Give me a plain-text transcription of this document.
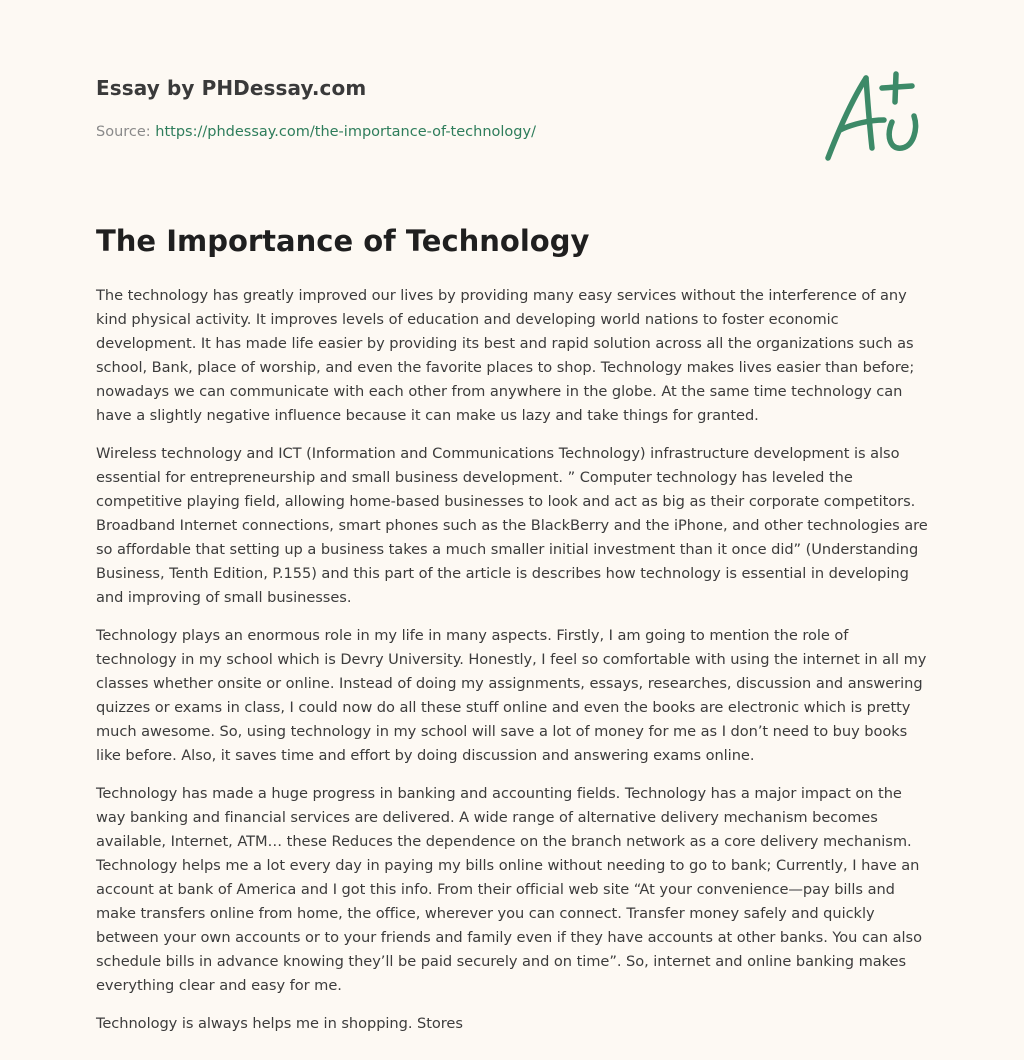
Essay by PHDessay.com
Source: https://phdessay.com/the-importance-of-technology/
The Importance of Technology

The technology has greatly improved our lives by providing many easy services without the interference of any kind physical activity. It improves levels of education and developing world nations to foster economic development. It has made life easier by providing its best and rapid solution across all the organizations such as school, Bank, place of worship, and even the favorite places to shop. Technology makes lives easier than before; nowadays we can communicate with each other from anywhere in the globe. At the same time technology can have a slightly negative influence because it can make us lazy and take things for granted.

Wireless technology and ICT (Information and Communications Technology) infrastructure development is also essential for entrepreneurship and small business development. ” Computer technology has leveled the competitive playing field, allowing home-based businesses to look and act as big as their corporate competitors. Broadband Internet connections, smart phones such as the BlackBerry and the iPhone, and other technologies are so affordable that setting up a business takes a much smaller initial investment than it once did” (Understanding Business, Tenth Edition, P.155) and this part of the article is describes how technology is essential in developing and improving of small businesses.

Technology plays an enormous role in my life in many aspects. Firstly, I am going to mention the role of technology in my school which is Devry University. Honestly, I feel so comfortable with using the internet in all my classes whether onsite or online. Instead of doing my assignments, essays, researches, discussion and answering quizzes or exams in class, I could now do all these stuff online and even the books are electronic which is pretty much awesome. So, using technology in my school will save a lot of money for me as I don’t need to buy books like before. Also, it saves time and effort by doing discussion and answering exams online.

Technology has made a huge progress in banking and accounting fields. Technology has a major impact on the way banking and financial services are delivered. A wide range of alternative delivery mechanism becomes available, Internet, ATM… these Reduces the dependence on the branch network as a core delivery mechanism. Technology helps me a lot every day in paying my bills online without needing to go to bank; Currently, I have an account at bank of America and I got this info. From their official web site “At your convenience—pay bills and make transfers online from home, the office, wherever you can connect. Transfer money safely and quickly between your own accounts or to your friends and family even if they have accounts at other banks. You can also schedule bills in advance knowing they’ll be paid securely and on time”. So, internet and online banking makes everything clear and easy for me.

Technology is always helps me in shopping. Stores
